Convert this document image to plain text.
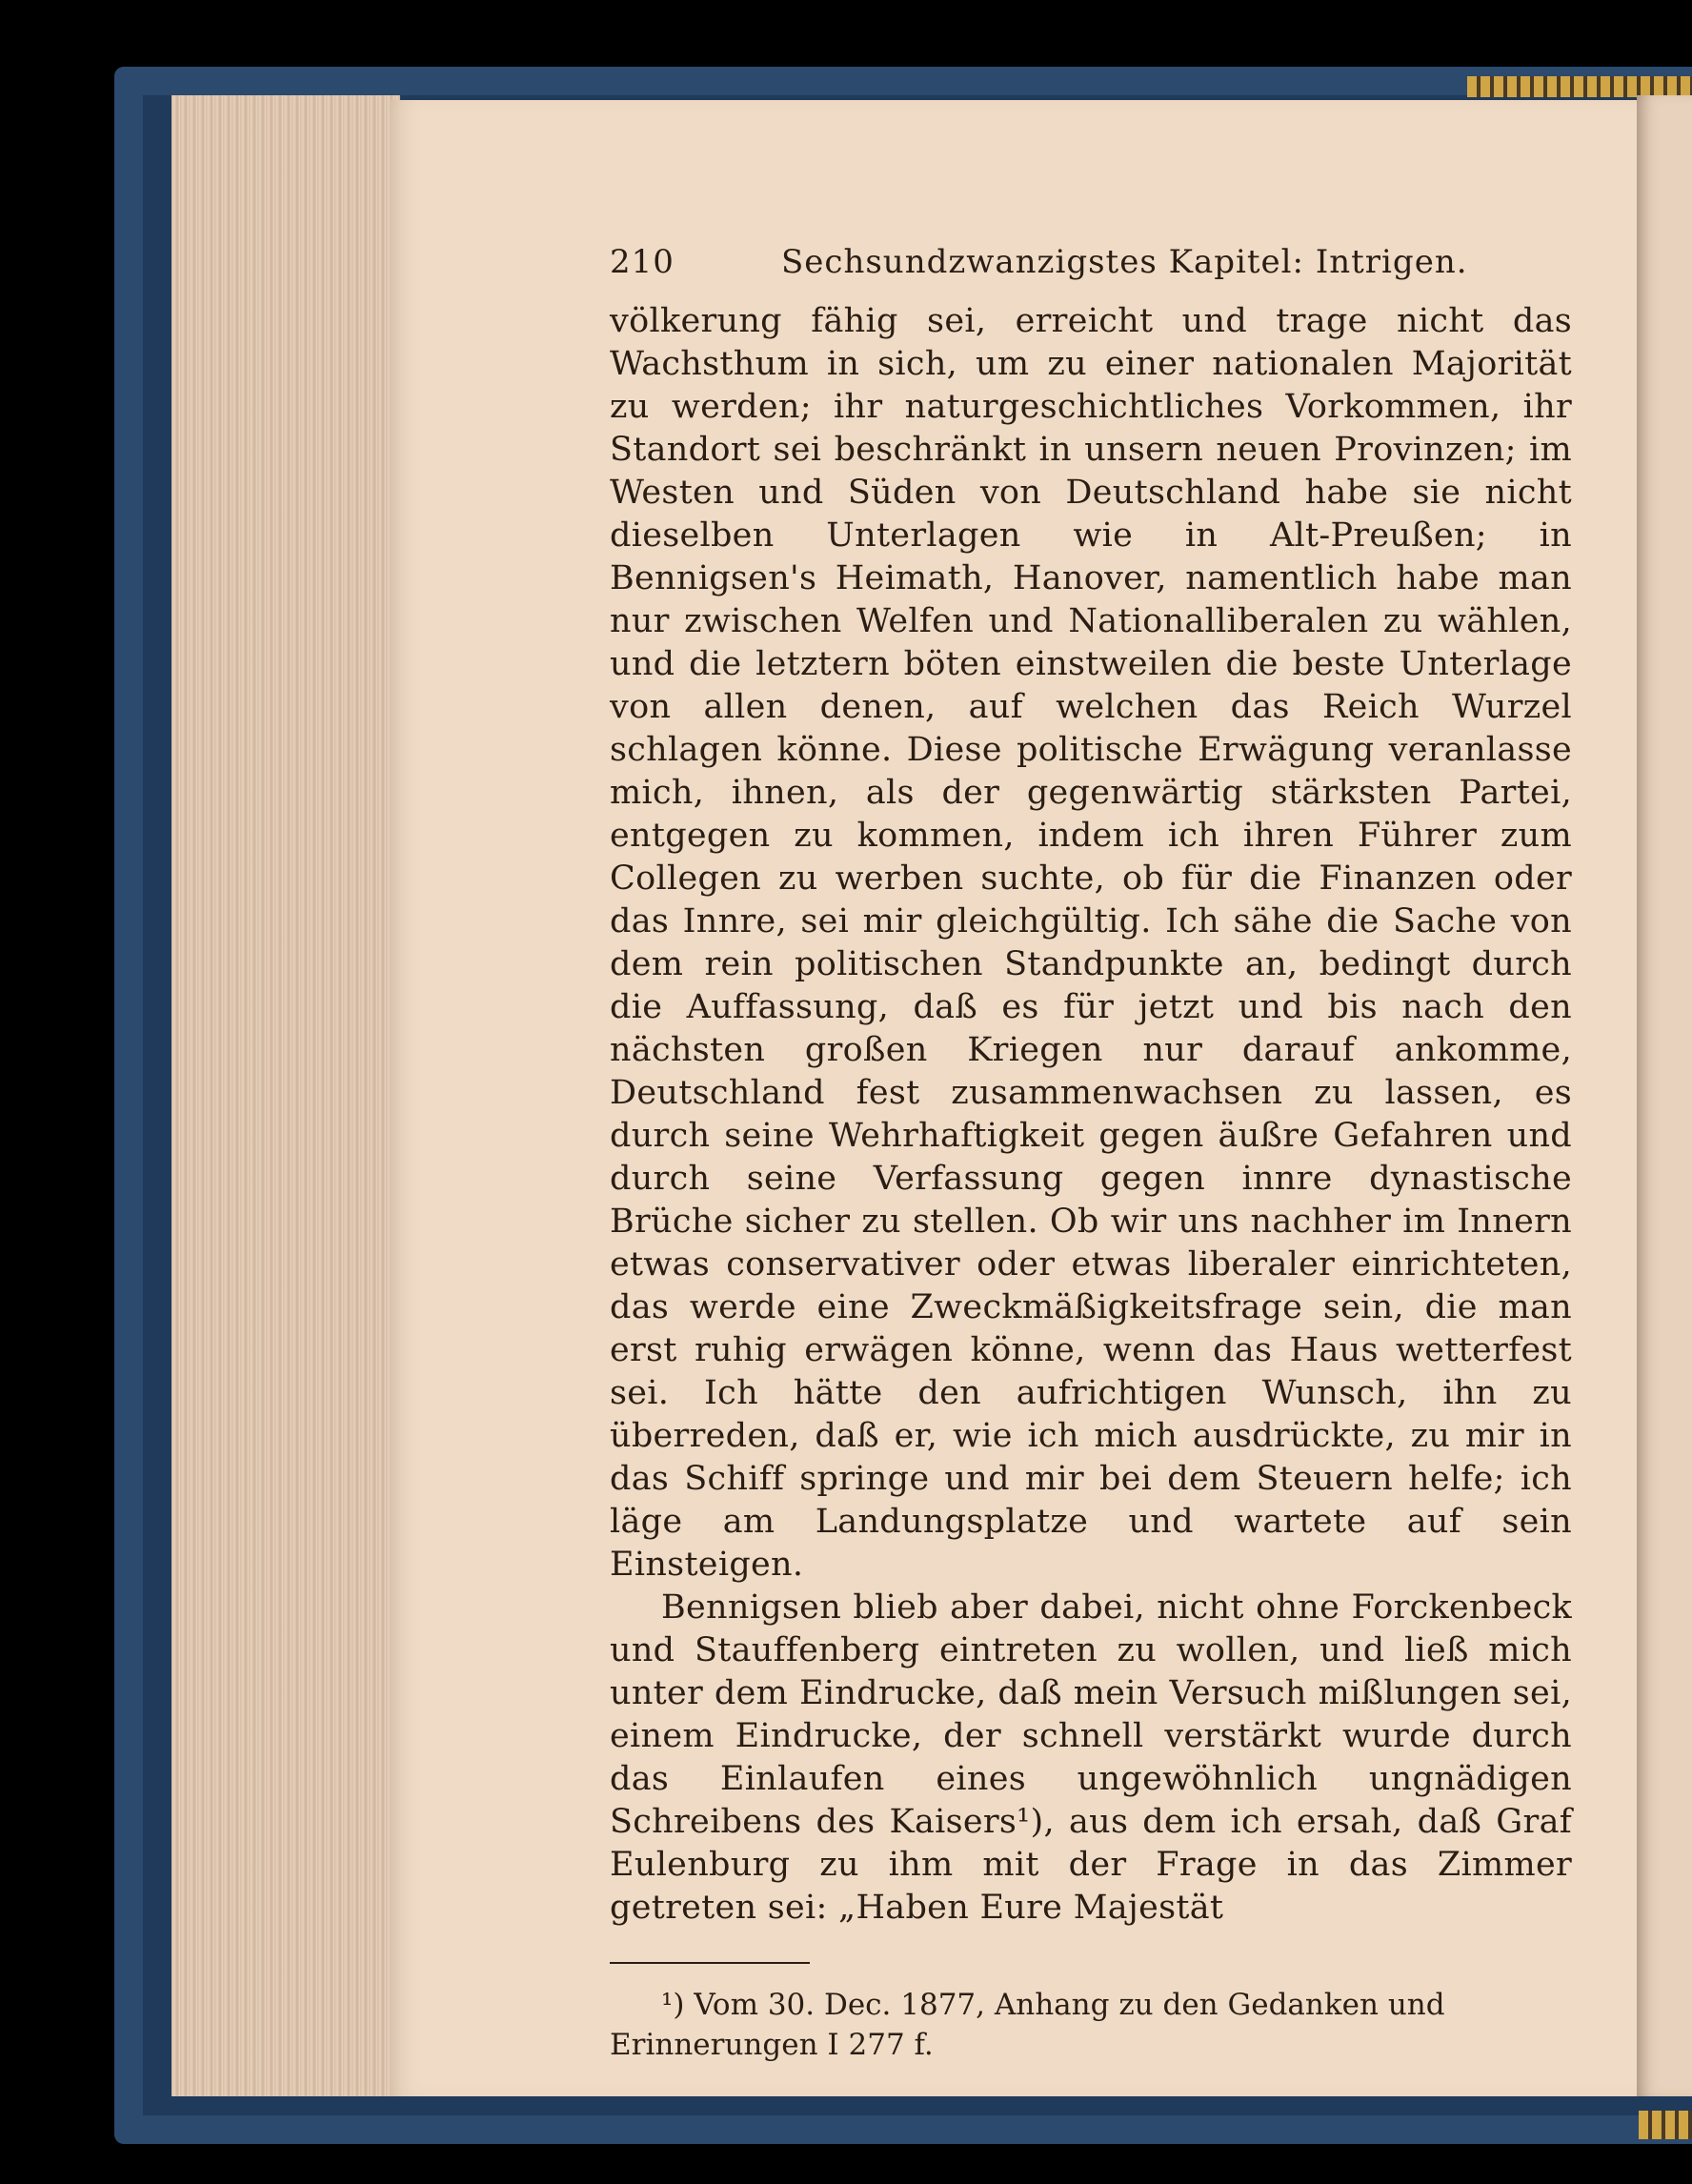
210	Sechsundzwanzigstes Kapitel: Intrigen.

völkerung fähig sei, erreicht und trage nicht das Wachsthum in sich, um zu einer nationalen Majorität zu werden; ihr naturgeschichtliches Vorkommen, ihr Standort sei beschränkt in unsern neuen Provinzen; im Westen und Süden von Deutschland habe sie nicht dieselben Unterlagen wie in Alt-Preußen; in Bennigsen's Heimath, Hanover, namentlich habe man nur zwischen Welfen und Nationalliberalen zu wählen, und die letztern böten einstweilen die beste Unterlage von allen denen, auf welchen das Reich Wurzel schlagen könne. Diese politische Erwägung veranlasse mich, ihnen, als der gegenwärtig stärksten Partei, entgegen zu kommen, indem ich ihren Führer zum Collegen zu werben suchte, ob für die Finanzen oder das Innre, sei mir gleichgültig. Ich sähe die Sache von dem rein politischen Standpunkte an, bedingt durch die Auffassung, daß es für jetzt und bis nach den nächsten großen Kriegen nur darauf ankomme, Deutschland fest zusammenwachsen zu lassen, es durch seine Wehrhaftigkeit gegen äußre Gefahren und durch seine Verfassung gegen innre dynastische Brüche sicher zu stellen. Ob wir uns nachher im Innern etwas conservativer oder etwas liberaler einrichteten, das werde eine Zweckmäßigkeitsfrage sein, die man erst ruhig erwägen könne, wenn das Haus wetterfest sei. Ich hätte den aufrichtigen Wunsch, ihn zu überreden, daß er, wie ich mich ausdrückte, zu mir in das Schiff springe und mir bei dem Steuern helfe; ich läge am Landungsplatze und wartete auf sein Einsteigen.

Bennigsen blieb aber dabei, nicht ohne Forckenbeck und Stauffenberg eintreten zu wollen, und ließ mich unter dem Eindrucke, daß mein Versuch mißlungen sei, einem Eindrucke, der schnell verstärkt wurde durch das Einlaufen eines ungewöhnlich ungnädigen Schreibens des Kaisers¹), aus dem ich ersah, daß Graf Eulenburg zu ihm mit der Frage in das Zimmer getreten sei: „Haben Eure Majestät

¹) Vom 30. Dec. 1877, Anhang zu den Gedanken und Erinnerungen I 277 f.
